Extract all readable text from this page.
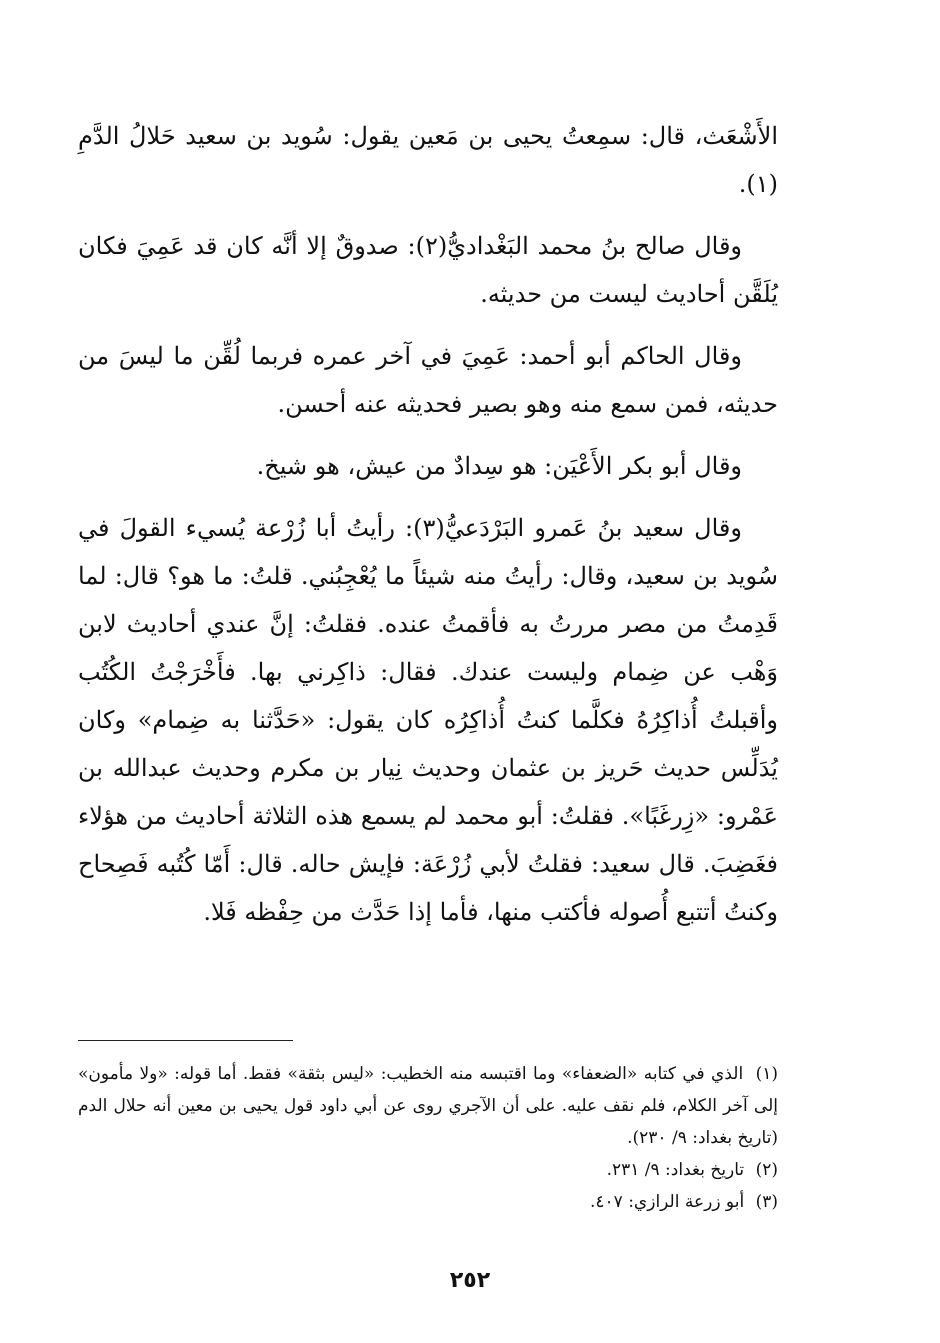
الأَشْعَث، قال: سمِعتُ يحيى بن مَعين يقول: سُويد بن سعيد حَلالُ الدَّمِ (١).

وقال صالح بنُ محمد البَغْداديُّ(٢): صدوقٌ إلا أنَّه كان قد عَمِيَ فكان يُلَقَّن أحاديث ليست من حديثه.

وقال الحاكم أبو أحمد: عَمِيَ في آخر عمره فربما لُقِّن ما ليسَ من حديثه، فمن سمع منه وهو بصير فحديثه عنه أحسن.

وقال أبو بكر الأَعْيَن: هو سِدادٌ من عيش، هو شيخ.

وقال سعيد بنُ عَمرو البَرْدَعيُّ(٣): رأيتُ أبا زُرْعة يُسيء القولَ في سُويد بن سعيد، وقال: رأيتُ منه شيئاً ما يُعْجِبُني. قلتُ: ما هو؟ قال: لما قَدِمتُ من مصر مررتُ به فأقمتُ عنده. فقلتُ: إنَّ عندي أحاديث لابن وَهْب عن ضِمام وليست عندك. فقال: ذاكِرني بها. فأَخْرَجْتُ الكُتُب وأقبلتُ أُذاكِرُهُ فكلَّما كنتُ أُذاكِرُه كان يقول: «حَدَّثنا به ضِمام» وكان يُدَلِّس حديث حَريز بن عثمان وحديث نِيار بن مكرم وحديث عبدالله بن عَمْرو: «زِرغَبًا». فقلتُ: أبو محمد لم يسمع هذه الثلاثة أحاديث من هؤلاء فغَضِبَ. قال سعيد: فقلتُ لأبي زُرْعَة: فإيش حاله. قال: أَمّا كُتُبه فَصِحاح وكنتُ أتتبع أُصوله فأكتب منها، فأما إذا حَدَّث من حِفْظه فَلا.

(١) الذي في كتابه «الضعفاء» وما اقتبسه منه الخطيب: «ليس بثقة» فقط. أما قوله: «ولا مأمون» إلى آخر الكلام، فلم نقف عليه. على أن الآجري روى عن أبي داود قول يحيى بن معين أنه حلال الدم (تاريخ بغداد: ٩/ ٢٣٠).

(٢) تاريخ بغداد: ٩/ ٢٣١.

(٣) أبو زرعة الرازي: ٤٠٧.

٢٥٢
